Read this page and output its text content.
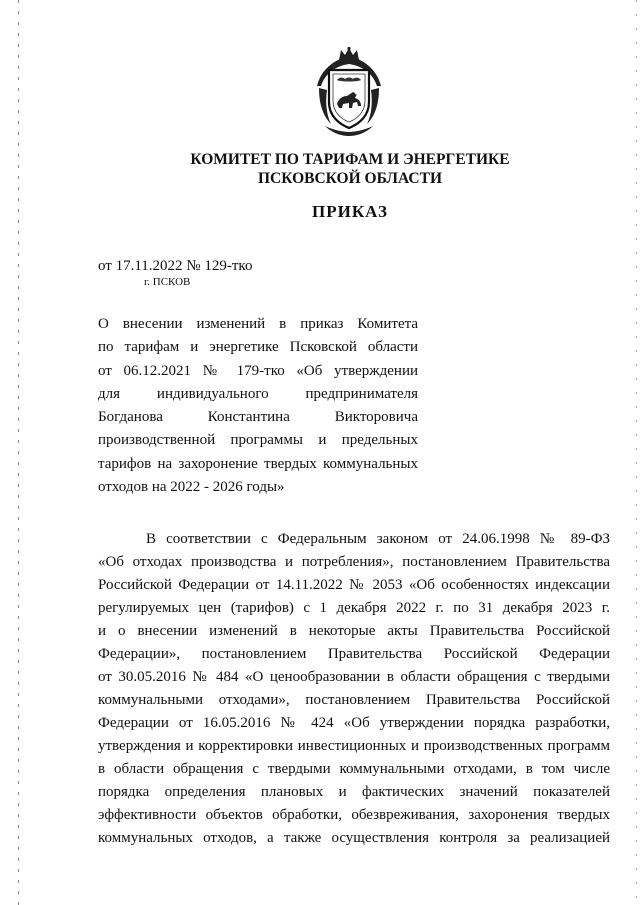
КОМИТЕТ ПО ТАРИФАМ И ЭНЕРГЕТИКЕ
ПСКОВСКОЙ ОБЛАСТИ
ПРИКАЗ
от 17.11.2022 № 129-тко
г. ПСКОВ
О внесении изменений в приказ Комитета
по тарифам и энергетике Псковской области
от 06.12.2021 № 179-тко «Об утверждении
для индивидуального предпринимателя
Богданова Константина Викторовича
производственной программы и предельных
тарифов на захоронение твердых коммунальных
отходов на 2022 - 2026 годы»
В соответствии с Федеральным законом от 24.06.1998 № 89-ФЗ
«Об отходах производства и потребления», постановлением Правительства
Российской Федерации от 14.11.2022 № 2053 «Об особенностях индексации
регулируемых цен (тарифов) с 1 декабря 2022 г. по 31 декабря 2023 г.
и о внесении изменений в некоторые акты Правительства Российской
Федерации», постановлением Правительства Российской Федерации
от 30.05.2016 № 484 «О ценообразовании в области обращения с твердыми
коммунальными отходами», постановлением Правительства Российской
Федерации от 16.05.2016 № 424 «Об утверждении порядка разработки,
утверждения и корректировки инвестиционных и производственных программ
в области обращения с твердыми коммунальными отходами, в том числе
порядка определения плановых и фактических значений показателей
эффективности объектов обработки, обезвреживания, захоронения твердых
коммунальных отходов, а также осуществления контроля за реализацией
